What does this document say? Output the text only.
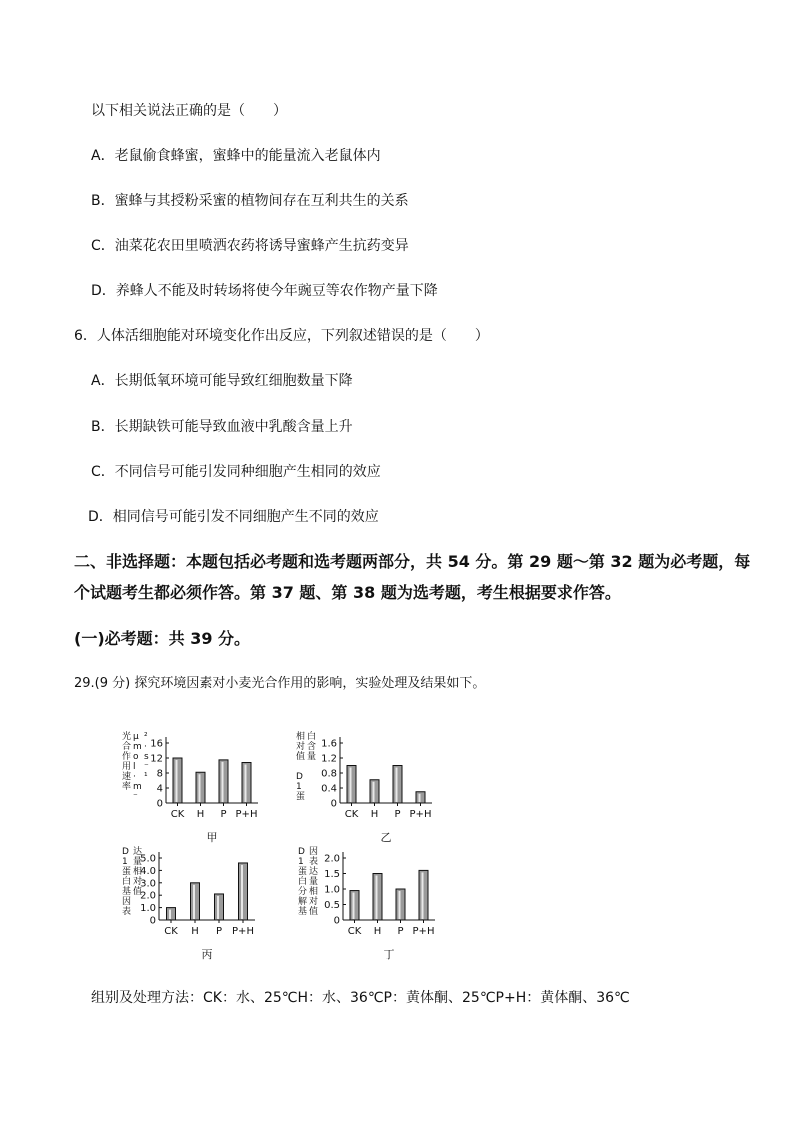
以下相关说法正确的是（　　）
A．老鼠偷食蜂蜜，蜜蜂中的能量流入老鼠体内
B．蜜蜂与其授粉采蜜的植物间存在互利共生的关系
C．油菜花农田里喷洒农药将诱导蜜蜂产生抗药变异
D．养蜂人不能及时转场将使今年豌豆等农作物产量下降
6．人体活细胞能对环境变化作出反应，下列叙述错误的是（　　）
A．长期低氧环境可能导致红细胞数量下降
B．长期缺铁可能导致血液中乳酸含量上升
C．不同信号可能引发同种细胞产生相同的效应
D．相同信号可能引发不同细胞产生不同的效应
二、非选择题：本题包括必考题和选考题两部分，共 54 分。第 29 题～第 32 题为必考题，每
个试题考生都必须作答。第 37 题、第 38 题为选考题，考生根据要求作答。
(一)必考题：共 39 分。
29.(9 分) 探究环境因素对小麦光合作用的影响，实验处理及结果如下。
0
4
8
12
16
光合作用速率
μ m o l · m ⁻
² · s ⁻ ¹
CK H P P+H
甲
0
0.4
0.8
1.2
1.6
相对值 D 1 蛋
白含量
CK H P P+H
乙
0
1.0
2.0
3.0
4.0
5.0
D 1 蛋白基因表
达量相对值
CK H P P+H
丙
0
0.5
1.0
1.5
2.0
D 1 蛋白分解基
因表达量相对值
CK H P P+H
丁
组别及处理方法：CK：水、25℃H：水、36℃P：黄体酮、25℃P+H：黄体酮、36℃
